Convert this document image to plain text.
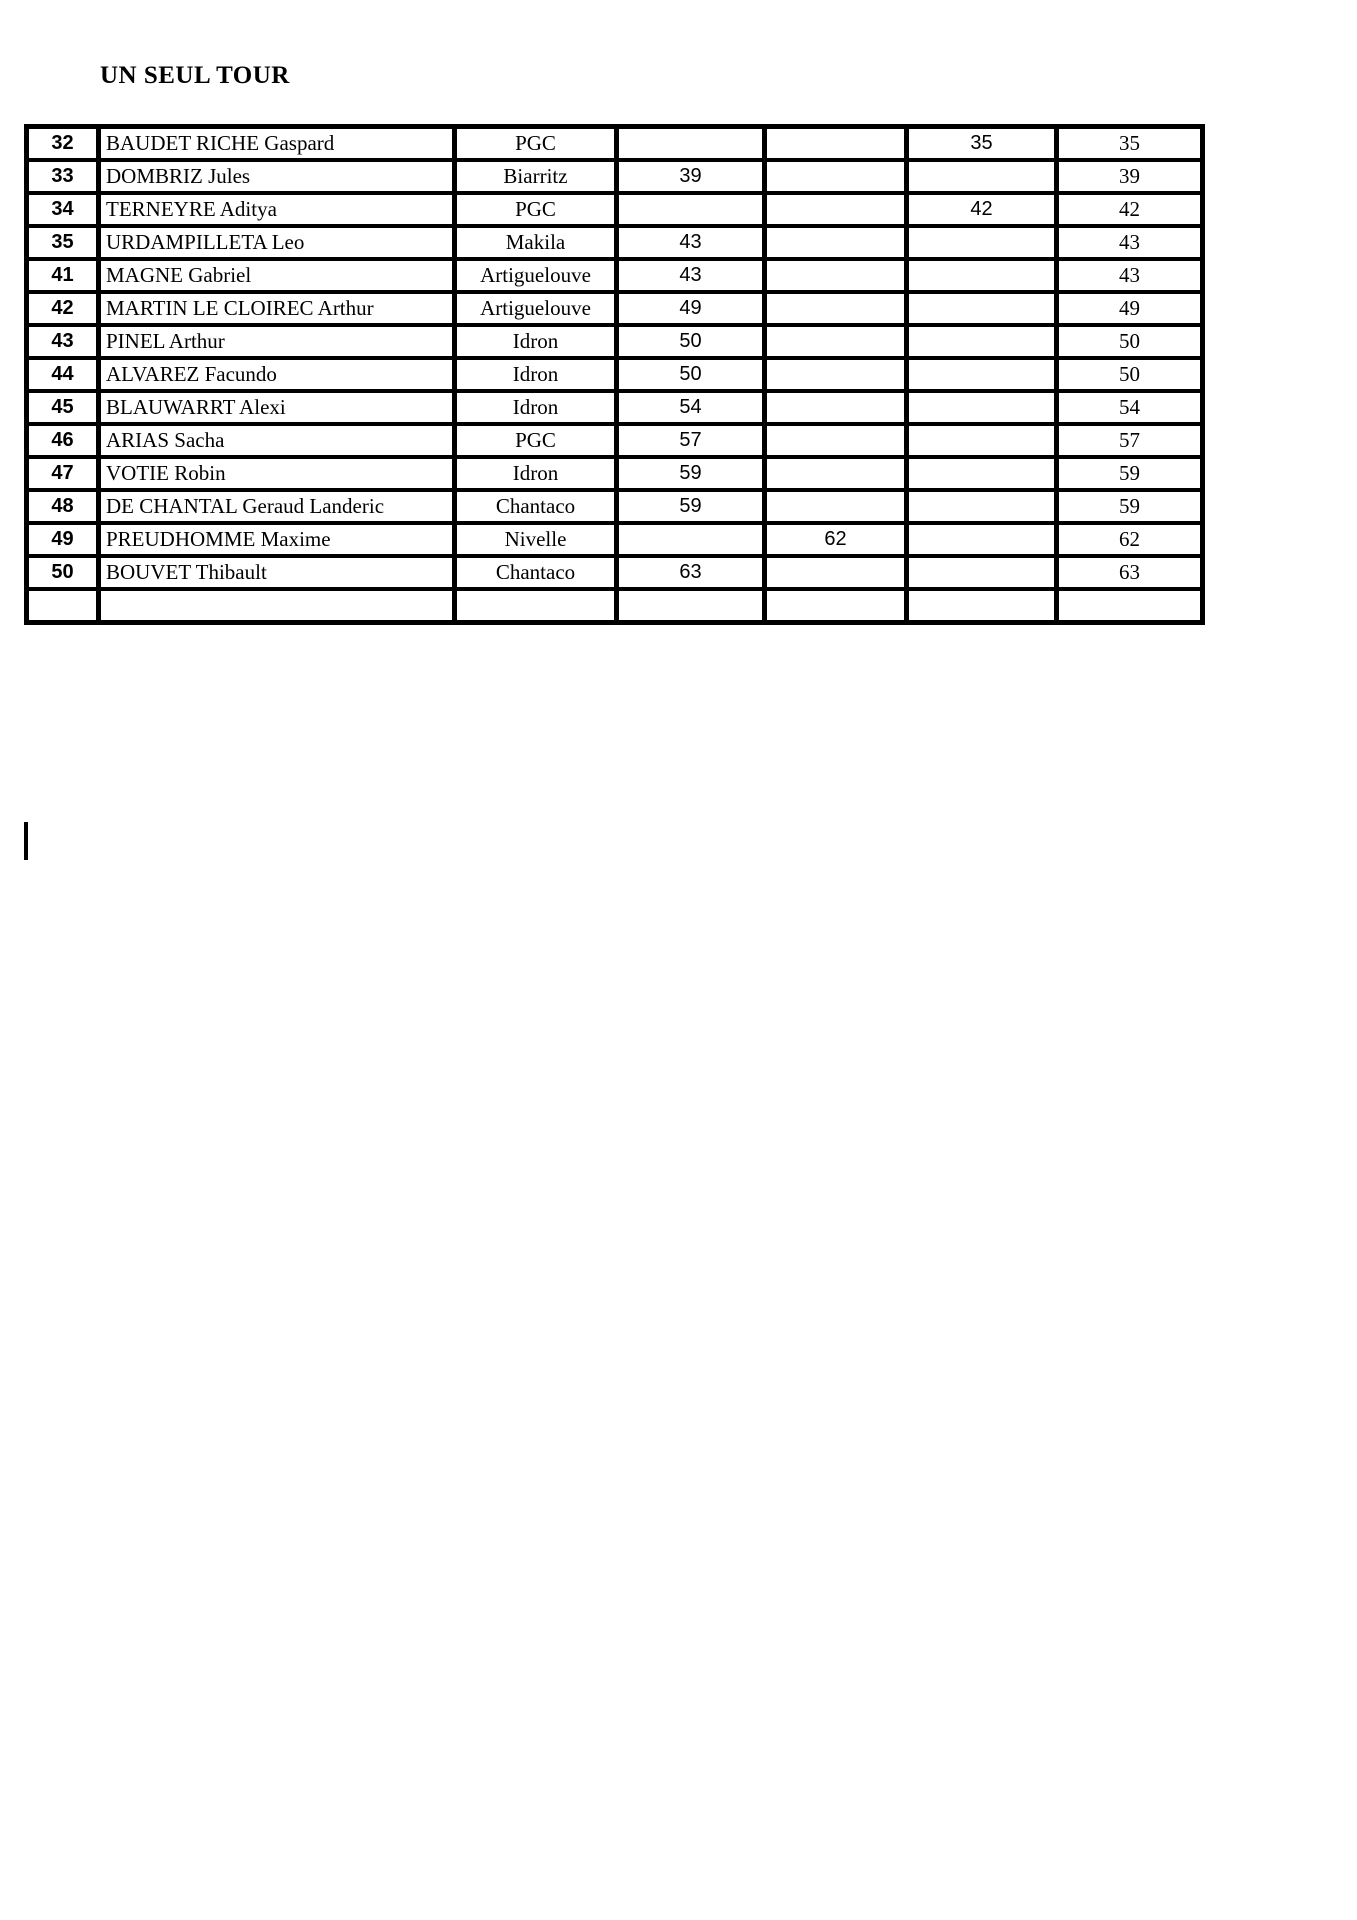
UN SEUL TOUR
32	BAUDET RICHE Gaspard	PGC			35	35
33	DOMBRIZ Jules	Biarritz	39			39
34	TERNEYRE Aditya	PGC			42	42
35	URDAMPILLETA Leo	Makila	43			43
41	MAGNE Gabriel	Artiguelouve	43			43
42	MARTIN LE CLOIREC Arthur	Artiguelouve	49			49
43	PINEL Arthur	Idron	50			50
44	ALVAREZ Facundo	Idron	50			50
45	BLAUWARRT Alexi	Idron	54			54
46	ARIAS Sacha	PGC	57			57
47	VOTIE Robin	Idron	59			59
48	DE CHANTAL Geraud Landeric	Chantaco	59			59
49	PREUDHOMME Maxime	Nivelle		62		62
50	BOUVET Thibault	Chantaco	63			63
